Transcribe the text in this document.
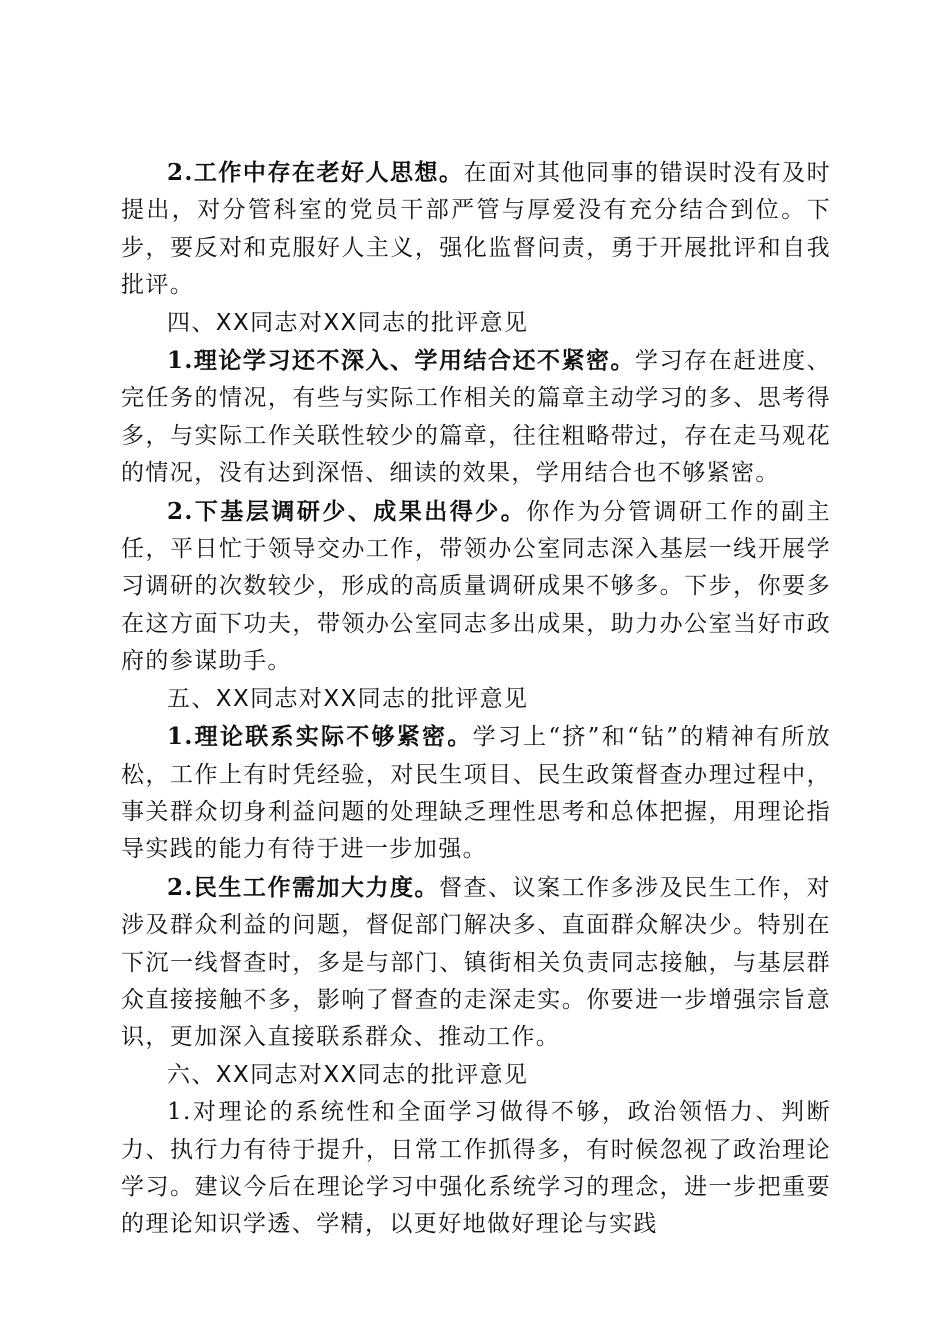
2.工作中存在老好人思想。在面对其他同事的错误时没有及时提出，对分管科室的党员干部严管与厚爱没有充分结合到位。下步，要反对和克服好人主义，强化监督问责，勇于开展批评和自我批评。

四、XX同志对XX同志的批评意见

1.理论学习还不深入、学用结合还不紧密。学习存在赶进度、完任务的情况，有些与实际工作相关的篇章主动学习的多、思考得多，与实际工作关联性较少的篇章，往往粗略带过，存在走马观花的情况，没有达到深悟、细读的效果，学用结合也不够紧密。

2.下基层调研少、成果出得少。你作为分管调研工作的副主任，平日忙于领导交办工作，带领办公室同志深入基层一线开展学习调研的次数较少，形成的高质量调研成果不够多。下步，你要多在这方面下功夫，带领办公室同志多出成果，助力办公室当好市政府的参谋助手。

五、XX同志对XX同志的批评意见

1.理论联系实际不够紧密。学习上“挤”和“钻”的精神有所放松，工作上有时凭经验，对民生项目、民生政策督查办理过程中，事关群众切身利益问题的处理缺乏理性思考和总体把握，用理论指导实践的能力有待于进一步加强。

2.民生工作需加大力度。督查、议案工作多涉及民生工作，对涉及群众利益的问题，督促部门解决多、直面群众解决少。特别在下沉一线督查时，多是与部门、镇街相关负责同志接触，与基层群众直接接触不多，影响了督查的走深走实。你要进一步增强宗旨意识，更加深入直接联系群众、推动工作。

六、XX同志对XX同志的批评意见

1.对理论的系统性和全面学习做得不够，政治领悟力、判断力、执行力有待于提升，日常工作抓得多，有时候忽视了政治理论学习。建议今后在理论学习中强化系统学习的理念，进一步把重要的理论知识学透、学精，以更好地做好理论与实践
